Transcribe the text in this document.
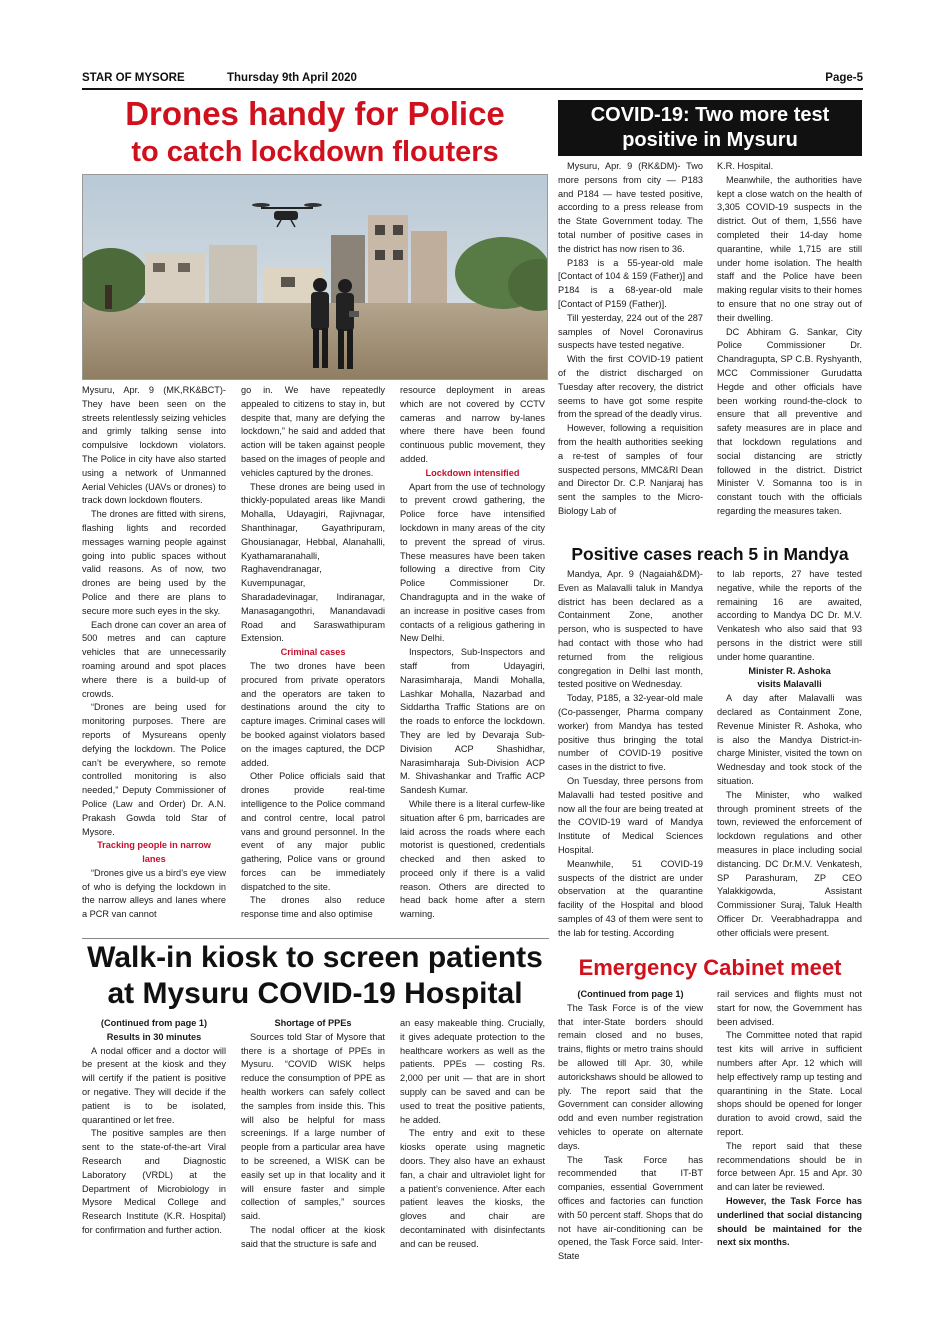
STAR OF MYSORE	Thursday 9th April 2020	Page-5
Drones handy for Police
to catch lockdown flouters

Mysuru, Apr. 9 (MK,RK&BCT)- They have been seen on the streets relentlessly seizing vehicles and grimly talking sense into compulsive lockdown violators. The Police in city have also started using a network of Unmanned Aerial Vehicles (UAVs or drones) to track down lockdown flouters.

The drones are fitted with sirens, flashing lights and recorded messages warning people against going into public spaces without valid reasons. As of now, two drones are being used by the Police and there are plans to secure more such eyes in the sky.

Each drone can cover an area of 500 metres and can capture vehicles that are unnecessarily roaming around and spot places where there is a build-up of crowds.

“Drones are being used for monitoring purposes. There are reports of Mysureans openly defying the lockdown. The Police can’t be everywhere, so remote controlled monitoring is also needed,” Deputy Commissioner of Police (Law and Order) Dr. A.N. Prakash Gowda told Star of Mysore.

Tracking people in narrow lanes

“Drones give us a bird’s eye view of who is defying the lockdown in the narrow alleys and lanes where a PCR van cannot

go in. We have repeatedly appealed to citizens to stay in, but despite that, many are defying the lockdown,” he said and added that action will be taken against people based on the images of people and vehicles captured by the drones.

These drones are being used in thickly-populated areas like Mandi Mohalla, Udayagiri, Rajivnagar, Shanthinagar, Gayathripuram, Ghousianagar, Hebbal, Alanahalli, Kyathamaranahalli, Raghavendranagar, Kuvempunagar, Sharadadevinagar, Indiranagar, Manasagangothri, Manandavadi Road and Saraswathipuram Extension.

Criminal cases

The two drones have been procured from private operators and the operators are taken to destinations around the city to capture images. Criminal cases will be booked against violators based on the images captured, the DCP added.

Other Police officials said that drones provide real-time intelligence to the Police command and control centre, local patrol vans and ground personnel. In the event of any major public gathering, Police vans or ground forces can be immediately dispatched to the site.

The drones also reduce response time and also optimise

resource deployment in areas which are not covered by CCTV cameras and narrow by-lanes where there have been found continuous public movement, they added.

Lockdown intensified

Apart from the use of technology to prevent crowd gathering, the Police force have intensified lockdown in many areas of the city to prevent the spread of virus. These measures have been taken following a directive from City Police Commissioner Dr. Chandragupta and in the wake of an increase in positive cases from contacts of a religious gathering in New Delhi.

Inspectors, Sub-Inspectors and staff from Udayagiri, Narasimharaja, Mandi Mohalla, Lashkar Mohalla, Nazarbad and Siddartha Traffic Stations are on the roads to enforce the lockdown. They are led by Devaraja Sub-Division ACP Shashidhar, Narasimharaja Sub-Division ACP M. Shivashankar and Traffic ACP Sandesh Kumar.

While there is a literal curfew-like situation after 6 pm, barricades are laid across the roads where each motorist is questioned, credentials checked and then asked to proceed only if there is a valid reason. Others are directed to head back home after a stern warning.

COVID-19: Two more test positive in Mysuru

Mysuru, Apr. 9 (RK&DM)- Two more persons from city — P183 and P184 — have tested positive, according to a press release from the State Government today. The total number of positive cases in the district has now risen to 36.

P183 is a 55-year-old male [Contact of 104 & 159 (Father)] and P184 is a 68-year-old male [Contact of P159 (Father)].

Till yesterday, 224 out of the 287 samples of Novel Coronavirus suspects have tested negative.

With the first COVID-19 patient of the district discharged on Tuesday after recovery, the district seems to have got some respite from the spread of the deadly virus.

However, following a requisition from the health authorities seeking a re-test of samples of four suspected persons, MMC&RI Dean and Director Dr. C.P. Nanjaraj has sent the samples to the Micro-Biology Lab of

K.R. Hospital.

Meanwhile, the authorities have kept a close watch on the health of 3,305 COVID-19 suspects in the district. Out of them, 1,556 have completed their 14-day home quarantine, while 1,715 are still under home isolation. The health staff and the Police have been making regular visits to their homes to ensure that no one stray out of their dwelling.

DC Abhiram G. Sankar, City Police Commissioner Dr. Chandragupta, SP C.B. Ryshyanth, MCC Commissioner Gurudatta Hegde and other officials have been working round-the-clock to ensure that all preventive and safety measures are in place and that lockdown regulations and social distancing are strictly followed in the district. District Minister V. Somanna too is in constant touch with the officials regarding the measures taken.

Positive cases reach 5 in Mandya

Mandya, Apr. 9 (Nagaiah&DM)- Even as Malavalli taluk in Mandya district has been declared as a Containment Zone, another person, who is suspected to have had contact with those who had returned from the religious congregation in Delhi last month, tested positive on Wednesday.

Today, P185, a 32-year-old male (Co-passenger, Pharma company worker) from Mandya has tested positive thus bringing the total number of COVID-19 positive cases in the district to five.

On Tuesday, three persons from Malavalli had tested positive and now all the four are being treated at the COVID-19 ward of Mandya Institute of Medical Sciences Hospital.

Meanwhile, 51 COVID-19 suspects of the district are under observation at the quarantine facility of the Hospital and blood samples of 43 of them were sent to the lab for testing. According

to lab reports, 27 have tested negative, while the reports of the remaining 16 are awaited, according to Mandya DC Dr. M.V. Venkatesh who also said that 93 persons in the district were still under home quarantine.

Minister R. Ashoka visits Malavalli

A day after Malavalli was declared as Containment Zone, Revenue Minister R. Ashoka, who is also the Mandya District-in-charge Minister, visited the town on Wednesday and took stock of the situation.

The Minister, who walked through prominent streets of the town, reviewed the enforcement of lockdown regulations and other measures in place including social distancing. DC Dr.M.V. Venkatesh, SP Parashuram, ZP CEO Yalakkigowda, Assistant Commissioner Suraj, Taluk Health Officer Dr. Veerabhadrappa and other officials were present.

Walk-in kiosk to screen patients
at Mysuru COVID-19 Hospital

(Continued from page 1)

Results in 30 minutes

A nodal officer and a doctor will be present at the kiosk and they will certify if the patient is positive or negative. They will decide if the patient is to be isolated, quarantined or let free.

The positive samples are then sent to the state-of-the-art Viral Research and Diagnostic Laboratory (VRDL) at the Department of Microbiology in Mysore Medical College and Research Institute (K.R. Hospital) for confirmation and further action.

Shortage of PPEs

Sources told Star of Mysore that there is a shortage of PPEs in Mysuru. “COVID WISK helps reduce the consumption of PPE as health workers can safely collect the samples from inside this. This will also be helpful for mass screenings. If a large number of people from a particular area have to be screened, a WISK can be easily set up in that locality and it will ensure faster and simple collection of samples,” sources said.

The nodal officer at the kiosk said that the structure is safe and

an easy makeable thing. Crucially, it gives adequate protection to the healthcare workers as well as the patients. PPEs — costing Rs. 2,000 per unit — that are in short supply can be saved and can be used to treat the positive patients, he added.

The entry and exit to these kiosks operate using magnetic doors. They also have an exhaust fan, a chair and ultraviolet light for a patient’s convenience. After each patient leaves the kiosks, the gloves and chair are decontaminated with disinfectants and can be reused.

Emergency Cabinet meet

(Continued from page 1)

The Task Force is of the view that inter-State borders should remain closed and no buses, trains, flights or metro trains should be allowed till Apr. 30, while autorickshaws should be allowed to ply. The report said that the Government can consider allowing odd and even number registration vehicles to operate on alternate days.

The Task Force has recommended that IT-BT companies, essential Government offices and factories can function with 50 percent staff. Shops that do not have air-conditioning can be opened, the Task Force said. Inter-State

rail services and flights must not start for now, the Government has been advised.

The Committee noted that rapid test kits will arrive in sufficient numbers after Apr. 12 which will help effectively ramp up testing and quarantining in the State. Local shops should be opened for longer duration to avoid crowd, said the report.

The report said that these recommendations should be in force between Apr. 15 and Apr. 30 and can later be reviewed.

However, the Task Force has underlined that social distancing should be maintained for the next six months.
